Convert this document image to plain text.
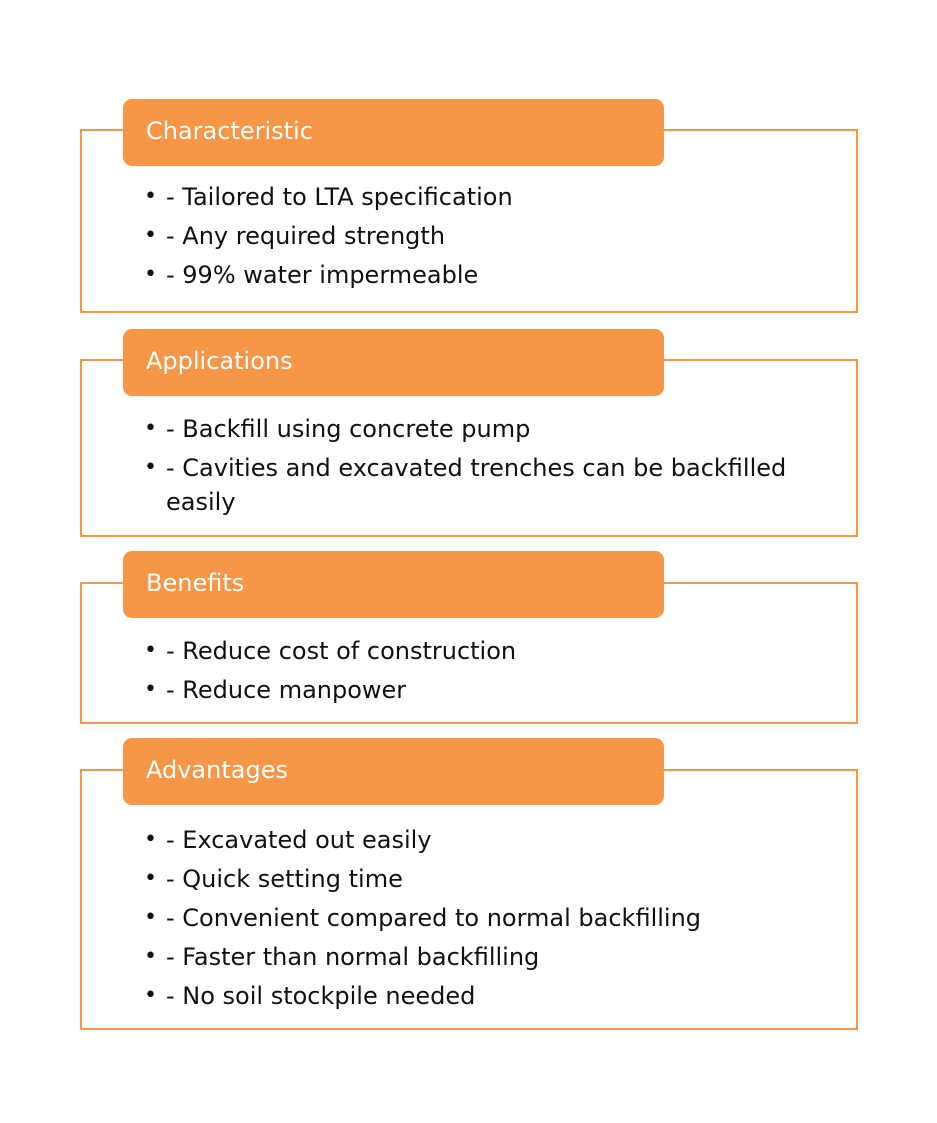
Characteristic
• - Tailored to LTA specification
• - Any required strength
• - 99% water impermeable
Applications
• - Backfill using concrete pump
• - Cavities and excavated trenches can be backfilled easily
Benefits
• - Reduce cost of construction
• - Reduce manpower
Advantages
• - Excavated out easily
• - Quick setting time
• - Convenient compared to normal backfilling
• - Faster than normal backfilling
• - No soil stockpile needed
